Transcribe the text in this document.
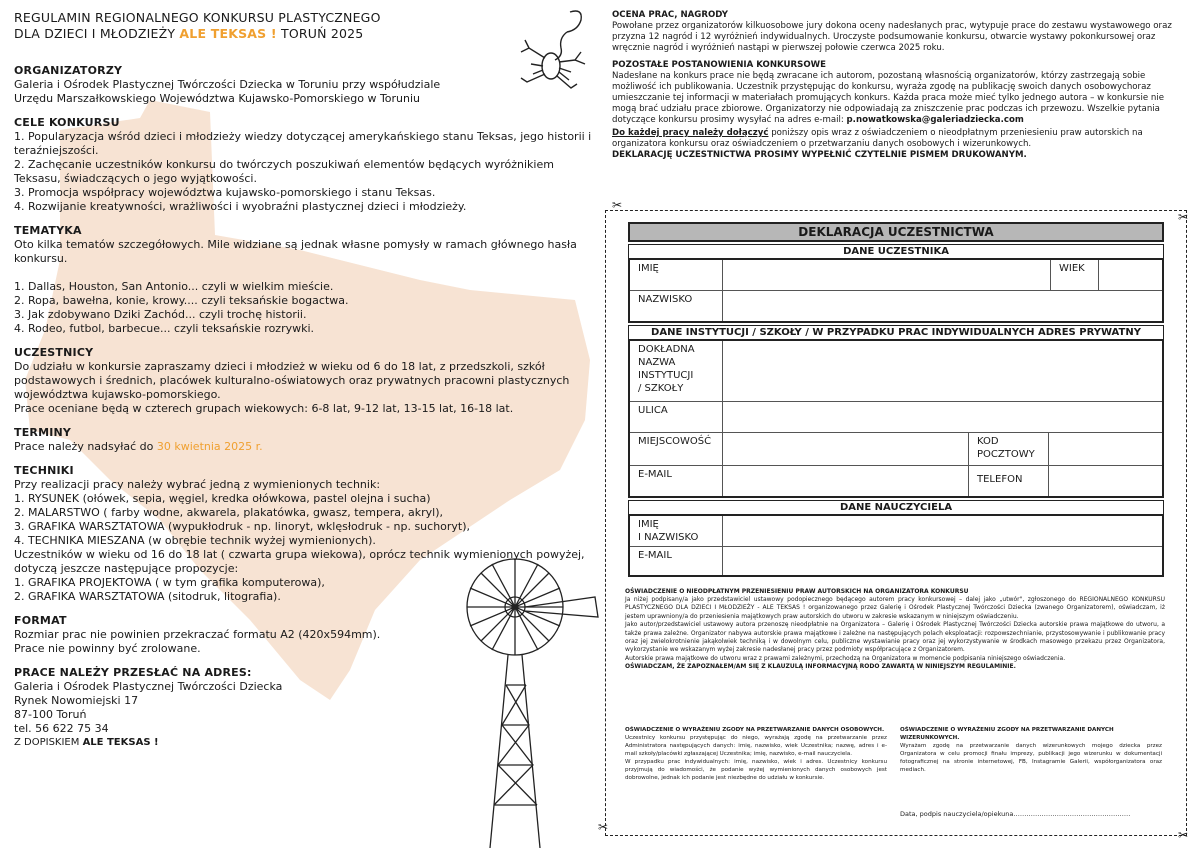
REGULAMIN REGIONALNEGO KONKURSU PLASTYCZNEGO
DLA DZIECI I MŁODZIEŻY ALE TEKSAS ! TORUŃ 2025
ORGANIZATORZY

Galeria i Ośrodek Plastycznej Twórczości Dziecka w Toruniu przy współudziale
Urzędu Marszałkowskiego Województwa Kujawsko-Pomorskiego w Toruniu

CELE KONKURSU

1. Popularyzacja wśród dzieci i młodzieży wiedzy dotyczącej amerykańskiego stanu Teksas, jego historii i teraźniejszości.

2. Zachęcanie uczestników konkursu do twórczych poszukiwań elementów będących wyróżnikiem Teksasu, świadczących o jego wyjątkowości.

3. Promocja współpracy województwa kujawsko-pomorskiego i stanu Teksas.

4. Rozwijanie kreatywności, wrażliwości i wyobraźni plastycznej dzieci i młodzieży.

TEMATYKA

Oto kilka tematów szczegółowych. Mile widziane są jednak własne pomysły w ramach głównego hasła konkursu.

1. Dallas, Houston, San Antonio... czyli w wielkim mieście.

2. Ropa, bawełna, konie, krowy.... czyli teksańskie bogactwa.

3. Jak zdobywano Dziki Zachód... czyli trochę historii.

4. Rodeo, futbol, barbecue... czyli teksańskie rozrywki.

UCZESTNICY

Do udziału w konkursie zapraszamy dzieci i młodzież w wieku od 6 do 18 lat, z przedszkoli, szkół podstawowych i średnich, placówek kulturalno-oświatowych oraz prywatnych pracowni plastycznych województwa kujawsko-pomorskiego.
Prace oceniane będą w czterech grupach wiekowych: 6-8 lat, 9-12 lat, 13-15 lat, 16-18 lat.

TERMINY

Prace należy nadsyłać do 30 kwietnia 2025 r.

TECHNIKI

Przy realizacji pracy należy wybrać jedną z wymienionych technik:

1. RYSUNEK (ołówek, sepia, węgiel, kredka ołówkowa, pastel olejna i sucha)

2. MALARSTWO ( farby wodne, akwarela, plakatówka, gwasz, tempera, akryl),

3. GRAFIKA WARSZTATOWA (wypukłodruk - np. linoryt, wklęsłodruk - np. suchoryt),

4. TECHNIKA MIESZANA (w obrębie technik wyżej wymienionych).

Uczestników w wieku od 16 do 18 lat ( czwarta grupa wiekowa), oprócz technik wymienionych powyżej, dotyczą jeszcze następujące propozycje:

1. GRAFIKA PROJEKTOWA ( w tym grafika komputerowa),

2. GRAFIKA WARSZTATOWA (sitodruk, litografia).

FORMAT

Rozmiar prac nie powinien przekraczać formatu A2 (420x594mm).
Prace nie powinny być zrolowane.

PRACE NALEŻY PRZESŁAĆ NA ADRES:

Galeria i Ośrodek Plastycznej Twórczości Dziecka

Rynek Nowomiejski 17

87-100 Toruń

tel. 56 622 75 34

Z DOPISKIEM ALE TEKSAS !

OCENA PRAC, NAGRODY

Powołane przez organizatorów kilkuosobowe jury dokona oceny nadesłanych prac, wytypuje prace do zestawu wystawowego oraz przyzna 12 nagród i 12 wyróżnień indywidualnych. Uroczyste podsumowanie konkursu, otwarcie wystawy pokonkursowej oraz wręcznie nagród i wyróżnień nastąpi w pierwszej połowie czerwca 2025 roku.

POZOSTAŁE POSTANOWIENIA KONKURSOWE

Nadesłane na konkurs prace nie będą zwracane ich autorom, pozostaną własnością organizatorów, którzy zastrzegają sobie możliwość ich publikowania. Uczestnik przystępując do konkursu, wyraża zgodę na publikację swoich danych osobowychoraz umieszczanie tej informacji w materiałach promujących konkurs. Każda praca może mieć tylko jednego autora – w konkursie nie mogą brać udziału prace zbiorowe. Organizatorzy nie odpowiadają za zniszczenie prac podczas ich przewozu. Wszelkie pytania dotyczące konkursu prosimy wysyłać na adres e-mail: p.nowatkowska@galeriadziecka.com

Do każdej pracy należy dołączyć poniższy opis wraz z oświadczeniem o nieodpłatnym przeniesieniu praw autorskich na organizatora konkursu oraz oświadczeniem o przetwarzaniu danych osobowych i wizerunkowych.

DEKLARACJĘ UCZESTNICTWA PROSIMY WYPEŁNIĆ CZYTELNIE PISMEM DRUKOWANYM.

✂
✂
✂
✂
DEKLARACJA UCZESTNICTWA
DANE UCZESTNIKA
IMIĘ	WIEK
NAZWISKO
DANE INSTYTUCJI / SZKOŁY / W PRZYPADKU PRAC INDYWIDUALNYCH ADRES PRYWATNY
DOKŁADNA
NAZWA
INSTYTUCJI
/ SZKOŁY
ULICA
MIEJSCOWOŚĆ	KOD
POCZTOWY
E-MAIL	TELEFON
DANE NAUCZYCIELA
IMIĘ
I NAZWISKO
E-MAIL

OŚWIADCZENIE O NIEODPŁATNYM PRZENIESIENIU PRAW AUTORSKICH NA ORGANIZATORA KONKURSU

Ja niżej podpisany/a jako przedstawiciel ustawowy podopiecznego będącego autorem pracy konkursowej – dalej jako „utwór", zgłoszonego do REGIONALNEGO KONKURSU PLASTYCZNEGO DLA DZIECI I MŁODZIEŻY - ALE TEKSAS ! organizowanego przez Galerię i Ośrodek Plastycznej Twórczości Dziecka (zwanego Organizatorem), oświadczam, iż jestem uprawniony/a do przeniesienia majątkowych praw autorskich do utworu w zakresie wskazanym w niniejszym oświadczeniu.

Jako autor/przedstawiciel ustawowy autora przenoszę nieodpłatnie na Organizatora – Galerię i Ośrodek Plastycznej Twórczości Dziecka autorskie prawa majątkowe do utworu, a także prawa zależne. Organizator nabywa autorskie prawa majątkowe i zależne na następujących polach eksploatacji: rozpowszechnianie, przystosowywanie i publikowanie pracy oraz jej zwielokrotnienie jakąkolwiek techniką i w dowolnym celu, publiczne wystawianie pracy oraz jej wykorzystywanie w środkach masowego przekazu przez Organizatora, wykorzystanie we wskazanym wyżej zakresie nadesłanej pracy przez podmioty współpracujące z Organizatorem.

Autorskie prawa majątkowe do utworu wraz z prawami zależnymi, przechodzą na Organizatora w momencie podpisania niniejszego oświadczenia.

OŚWIADCZAM, ŻE ZAPOZNAŁEM/AM SIĘ Z KLAUZULĄ INFORMACYJNĄ RODO ZAWARTĄ W NINIEJSZYM REGULAMINIE.

OŚWIADCZENIE O WYRAŻENIU ZGODY NA PRZETWARZANIE DANYCH OSOBOWYCH.

Uczestnicy konkursu przystępując do niego, wyrażają zgodę na przetwarzanie przez Administratora następujących danych: imię, nazwisko, wiek Uczestnika; nazwę, adres i e-mail szkoły/placówki zgłaszającej Uczestnika; imię, nazwisko, e-mail nauczyciela.
W przypadku prac indywidualnych: imię, nazwisko, wiek i adres. Uczestnicy konkursu przyjmują do wiadomości, że podanie wyżej wymienionych danych osobowych jest dobrowolne, jednak ich podanie jest niezbędne do udziału w konkursie.

OŚWIADCZENIE O WYRAŻENIU ZGODY NA PRZETWARZANIE DANYCH WIZERUNKOWYCH.

Wyrażam zgodę na przetwarzanie danych wizerunkowych mojego dziecka przez Organizatora w celu promocji finału imprezy, publikacji jego wizerunku w dokumentacji fotograficznej na stronie internetowej, FB, Instagramie Galerii, współorganizatora oraz mediach.

Data, podpis nauczyciela/opiekuna………………………………………………
